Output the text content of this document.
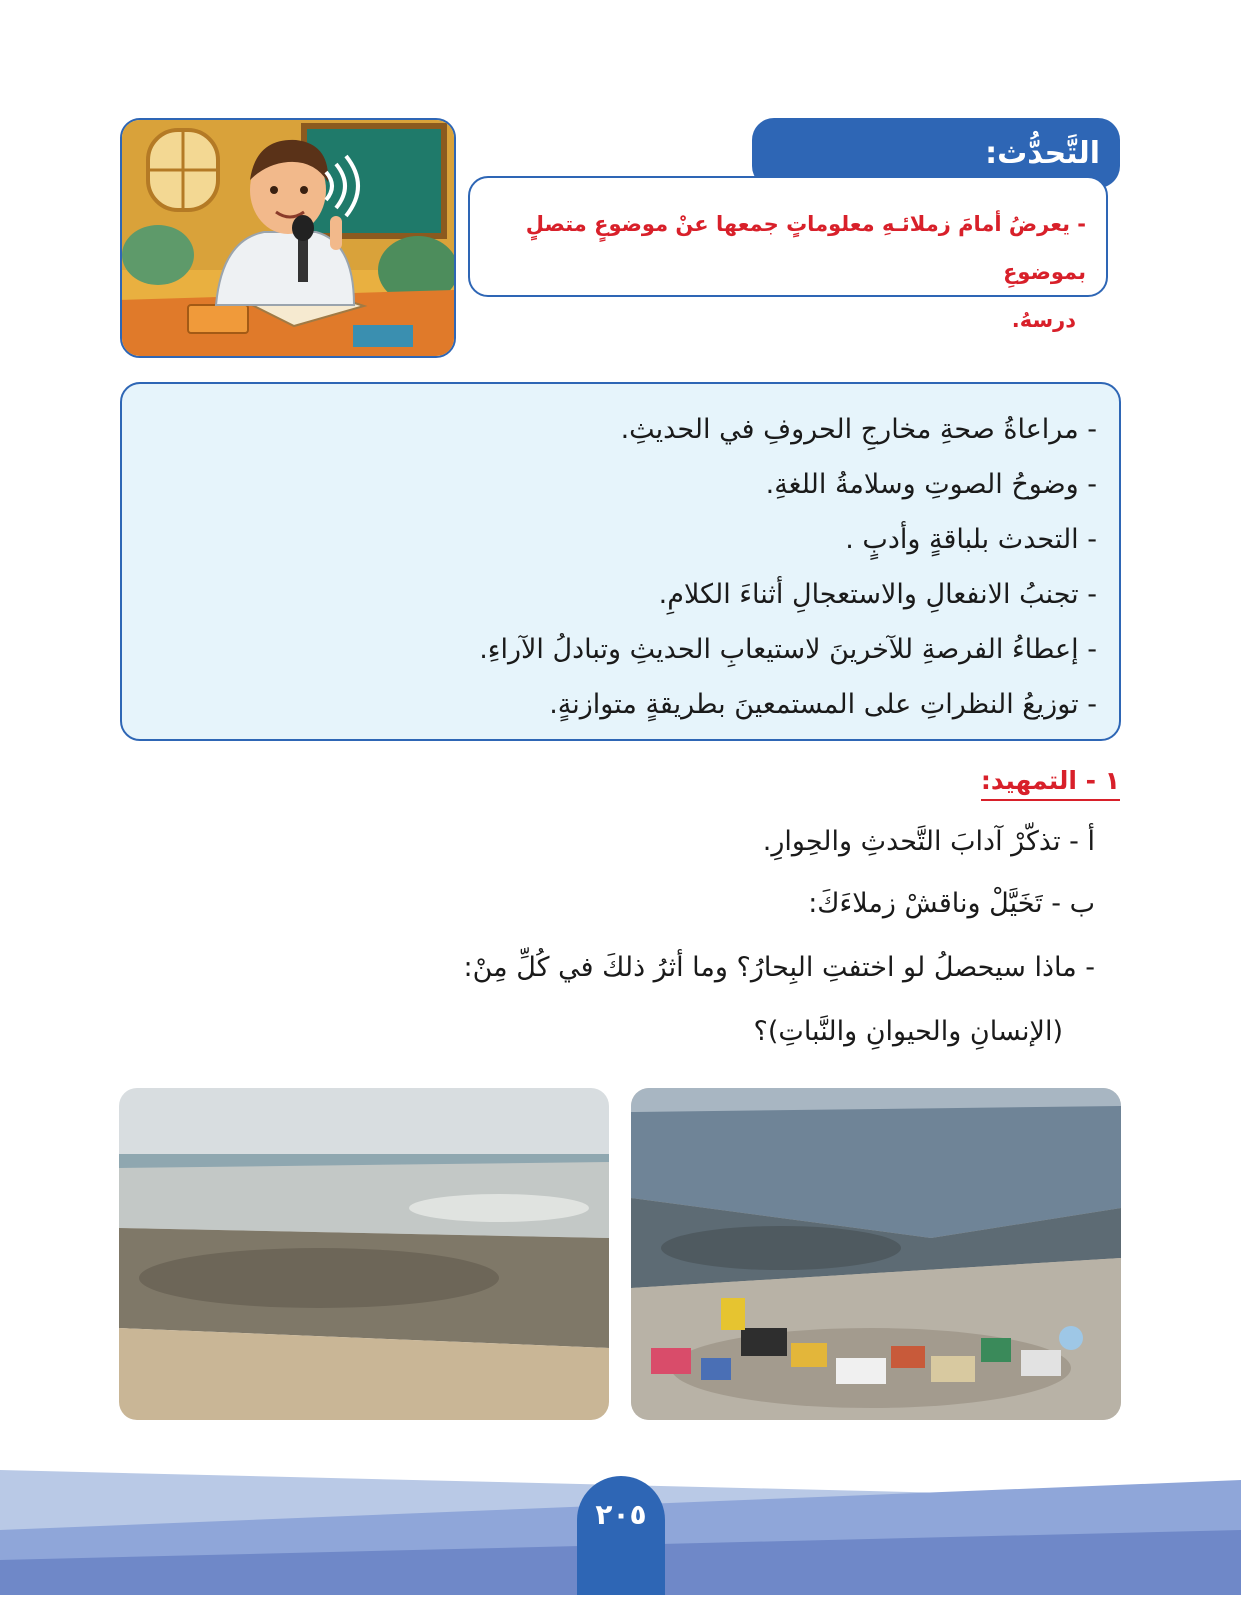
التَّحدُّث:

- يعرضُ أمامَ زملائـهِ معلوماتٍ جمعها عنْ موضوعٍ متصلٍ بموضوعِ

درسهُ.

- مراعاةُ صحةِ مخارجِ الحروفِ في الحديثِ.
- وضوحُ الصوتِ وسلامةُ اللغةِ.
- التحدث بلباقةٍ وأدبٍ .
- تجنبُ الانفعالِ والاستعجالِ أثناءَ الكلامِ.
- إعطاءُ الفرصةِ للآخرينَ لاستيعابِ الحديثِ وتبادلُ الآراءِ.
- توزيعُ النظراتِ على المستمعينَ بطريقةٍ متوازنةٍ.
١ - التمهيد:
أ - تذكّرْ آدابَ التَّحدثِ والحِوارِ.
ب - تَخَيَّلْ وناقشْ زملاءَكَ:
- ماذا سيحصلُ لو اختفتِ البِحارُ؟ وما أثرُ ذلكَ في كُلِّ مِنْ:
(الإنسانِ والحيوانِ والنَّباتِ)؟
٢٠٥
